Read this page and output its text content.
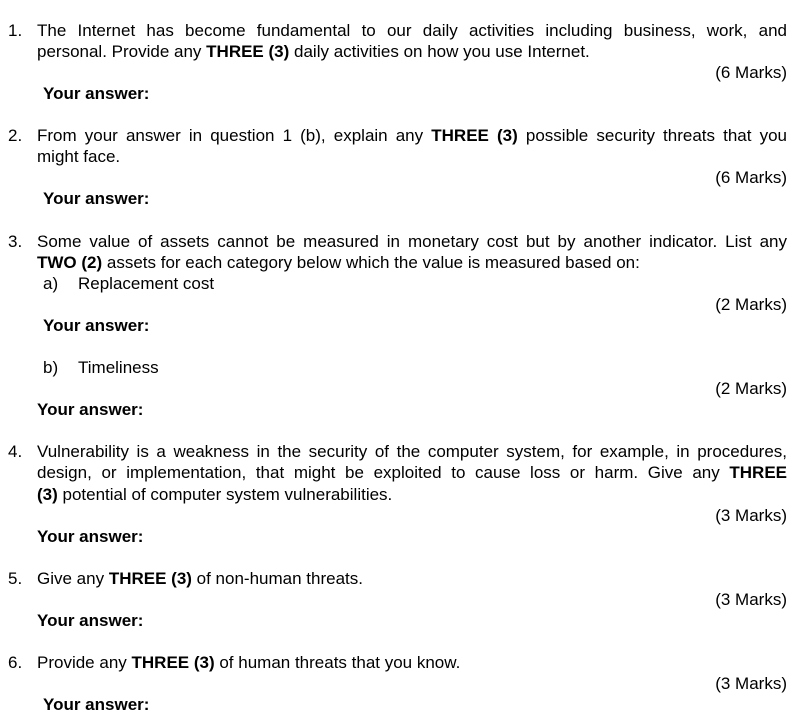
1. The Internet has become fundamental to our daily activities including business, work, and
personal. Provide any THREE (3) daily activities on how you use Internet.
(6 Marks)
Your answer:
2. From your answer in question 1 (b), explain any THREE (3) possible security threats that you
might face.
(6 Marks)
Your answer:
3. Some value of assets cannot be measured in monetary cost but by another indicator. List any
TWO (2) assets for each category below which the value is measured based on:
a) Replacement cost
(2 Marks)
Your answer:
b) Timeliness
(2 Marks)
Your answer:
4. Vulnerability is a weakness in the security of the computer system, for example, in procedures,
design, or implementation, that might be exploited to cause loss or harm. Give any THREE
(3) potential of computer system vulnerabilities.
(3 Marks)
Your answer:
5. Give any THREE (3) of non-human threats.
(3 Marks)
Your answer:
6. Provide any THREE (3) of human threats that you know.
(3 Marks)
Your answer:
